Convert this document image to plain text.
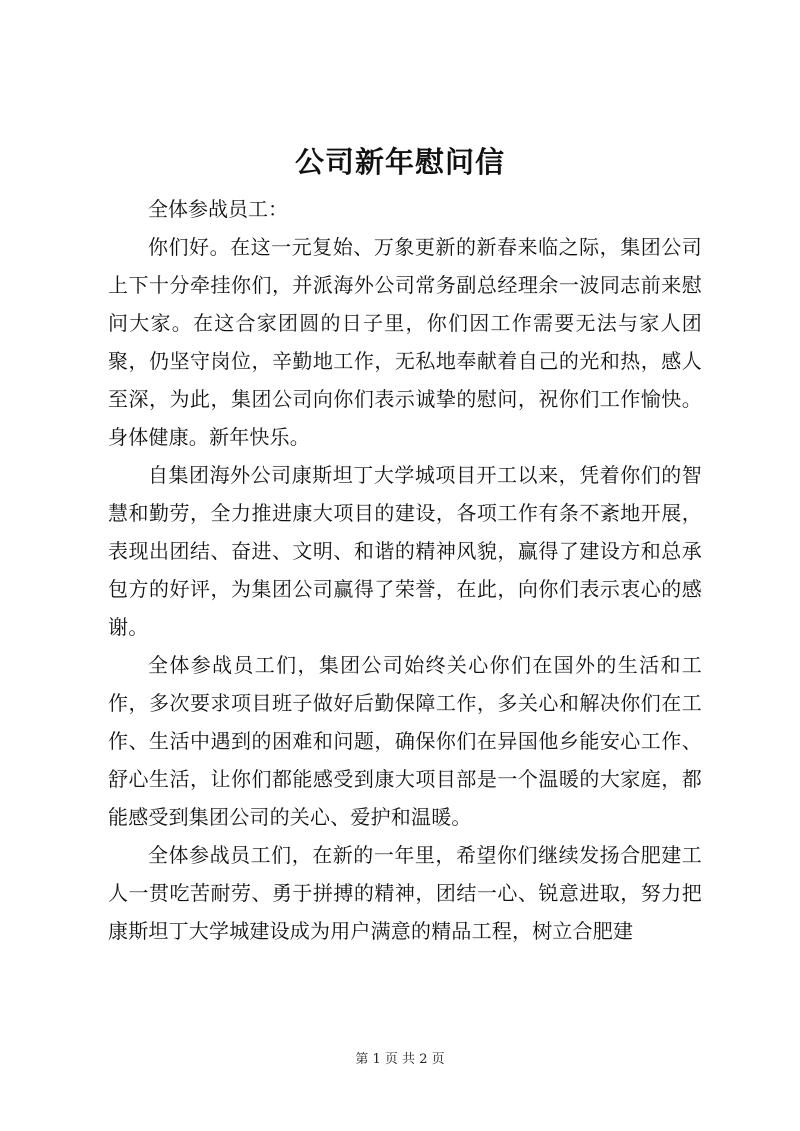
公司新年慰问信

全体参战员工：

你们好。在这一元复始、万象更新的新春来临之际，集团公司上下十分牵挂你们，并派海外公司常务副总经理余一波同志前来慰问大家。在这合家团圆的日子里，你们因工作需要无法与家人团聚，仍坚守岗位，辛勤地工作，无私地奉献着自己的光和热，感人至深，为此，集团公司向你们表示诚挚的慰问，祝你们工作愉快。身体健康。新年快乐。

自集团海外公司康斯坦丁大学城项目开工以来，凭着你们的智慧和勤劳，全力推进康大项目的建设，各项工作有条不紊地开展，表现出团结、奋进、文明、和谐的精神风貌，赢得了建设方和总承包方的好评，为集团公司赢得了荣誉，在此，向你们表示衷心的感谢。

全体参战员工们，集团公司始终关心你们在国外的生活和工作，多次要求项目班子做好后勤保障工作，多关心和解决你们在工作、生活中遇到的困难和问题，确保你们在异国他乡能安心工作、舒心生活，让你们都能感受到康大项目部是一个温暖的大家庭，都能感受到集团公司的关心、爱护和温暖。

全体参战员工们，在新的一年里，希望你们继续发扬合肥建工人一贯吃苦耐劳、勇于拼搏的精神，团结一心、锐意进取，努力把康斯坦丁大学城建设成为用户满意的精品工程，树立合肥建

第 1 页 共 2 页
